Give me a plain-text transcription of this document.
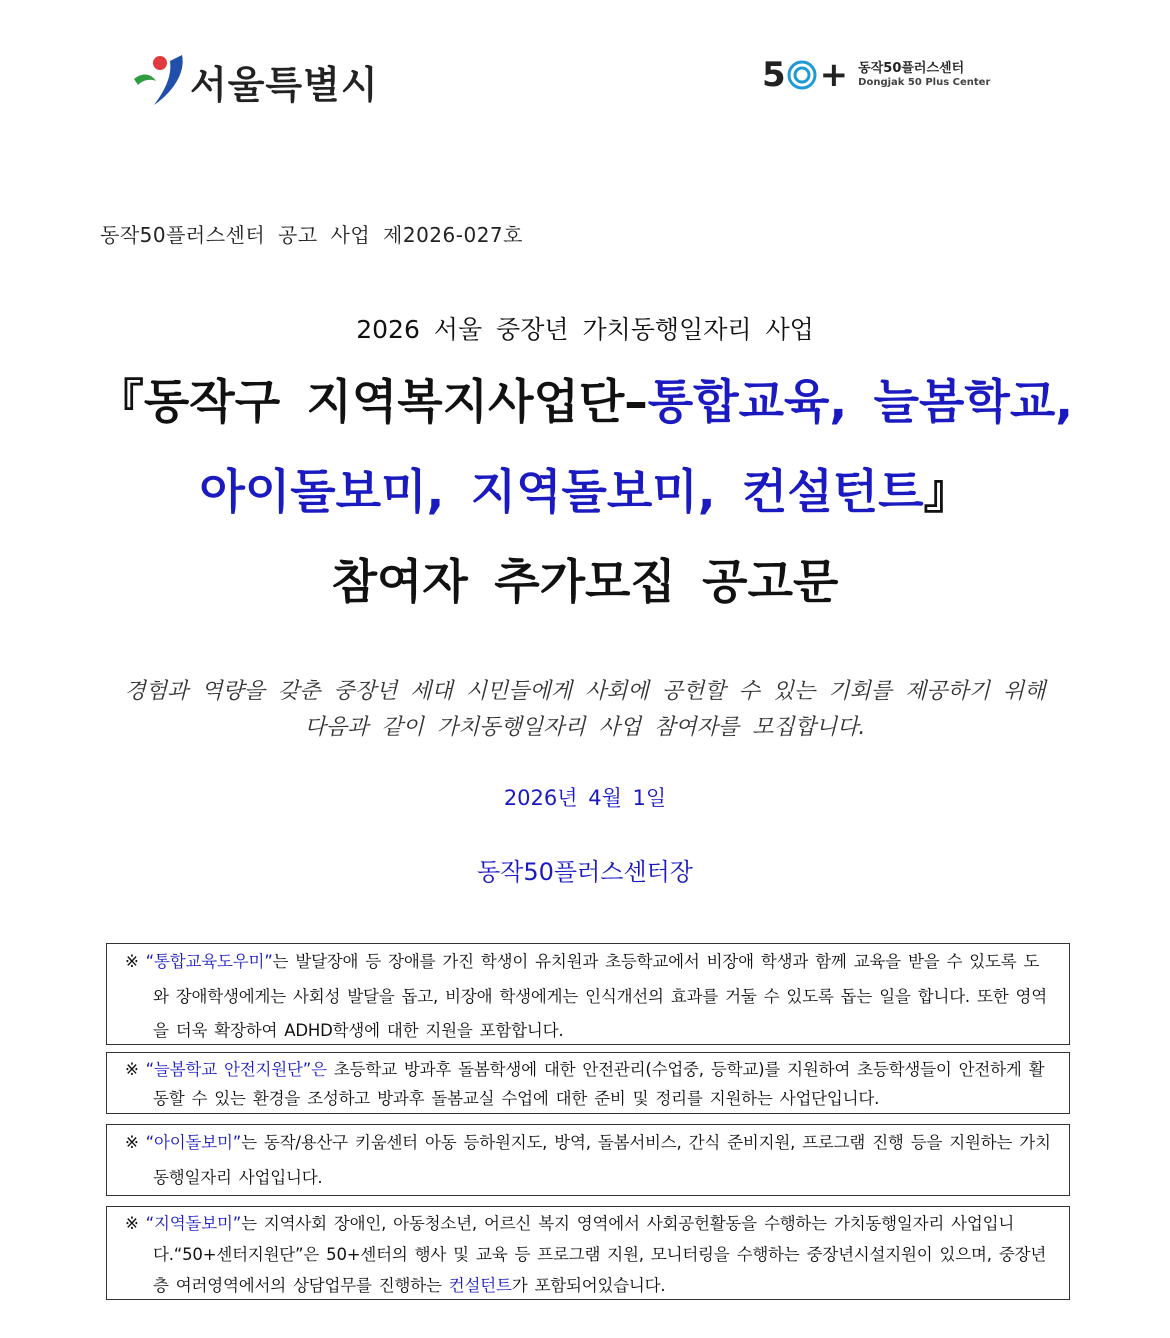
서울특별시	5 + 동작50플러스센터
Dongjak 50 Plus Center
동작50플러스센터 공고 사업 제2026-027호
2026 서울 중장년 가치동행일자리 사업
『동작구 지역복지사업단–통합교육, 늘봄학교,
아이돌보미, 지역돌보미, 컨설턴트』
참여자 추가모집 공고문
경험과 역량을 갖춘 중장년 세대 시민들에게 사회에 공헌할 수 있는 기회를 제공하기 위해
다음과 같이 가치동행일자리 사업 참여자를 모집합니다.
2026년 4월 1일
동작50플러스센터장
※ “통합교육도우미”는 발달장애 등 장애를 가진 학생이 유치원과 초등학교에서 비장애 학생과 함께 교육을 받을 수 있도록 도와 장애학생에게는 사회성 발달을 돕고, 비장애 학생에게는 인식개선의 효과를 거둘 수 있도록 돕는 일을 합니다. 또한 영역을 더욱 확장하여 ADHD학생에 대한 지원을 포함합니다.
※ “늘봄학교 안전지원단”은 초등학교 방과후 돌봄학생에 대한 안전관리(수업중, 등학교)를 지원하여 초등학생들이 안전하게 활동할 수 있는 환경을 조성하고 방과후 돌봄교실 수업에 대한 준비 및 정리를 지원하는 사업단입니다.
※ “아이돌보미”는 동작/용산구 키움센터 아동 등하원지도, 방역, 돌봄서비스, 간식 준비지원, 프로그램 진행 등을 지원하는 가치동행일자리 사업입니다.
※ “지역돌보미”는 지역사회 장애인, 아동청소년, 어르신 복지 영역에서 사회공헌활동을 수행하는 가치동행일자리 사업입니다.“50+센터지원단”은 50+센터의 행사 및 교육 등 프로그램 지원, 모니터링을 수행하는 중장년시설지원이 있으며, 중장년층 여러영역에서의 상담업무를 진행하는 컨설턴트가 포함되어있습니다.
